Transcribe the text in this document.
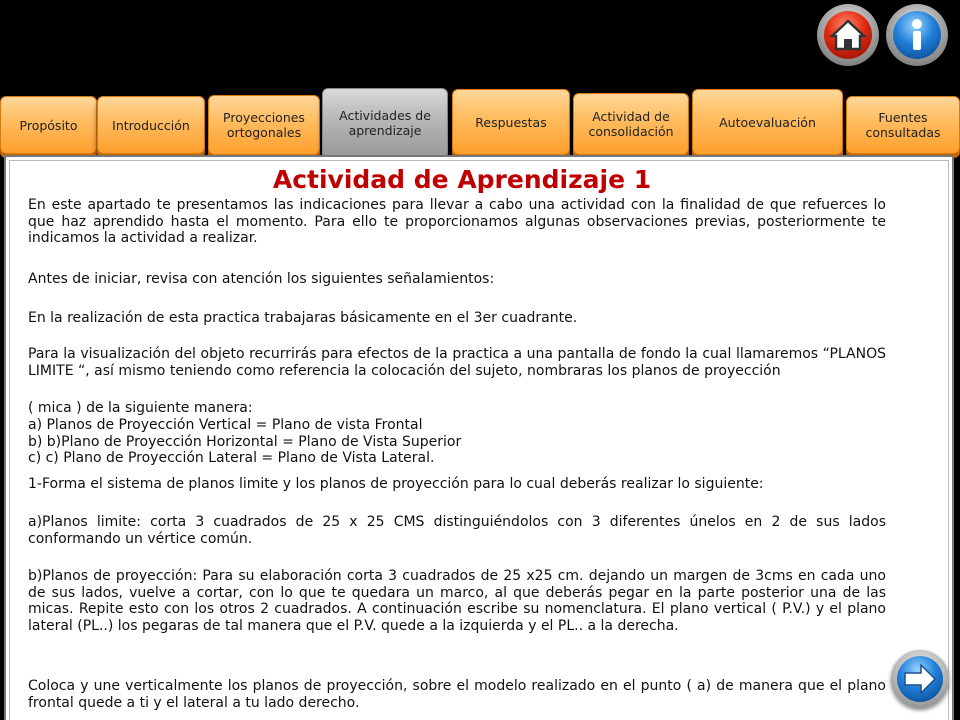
Propósito	Introducción	Proyecciones ortogonales
Actividades de aprendizaje
Respuestas	Actividad de consolidación
Autoevaluación	Fuentes consultadas
Actividad de Aprendizaje 1

En este apartado te presentamos las indicaciones para llevar a cabo una actividad con la finalidad de que refuerces lo que haz aprendido hasta el momento. Para ello te proporcionamos algunas observaciones previas, posteriormente te indicamos la actividad a realizar.

Antes de iniciar, revisa con atención los siguientes señalamientos:

En la realización de esta practica trabajaras básicamente en el 3er cuadrante.

Para la visualización del objeto recurrirás para efectos de la practica a una pantalla de fondo la cual llamaremos “PLANOS LIMITE “, así mismo teniendo como referencia la colocación del sujeto, nombraras los planos de proyección

( mica ) de la siguiente manera:

a) Planos de Proyección Vertical = Plano de vista Frontal
b) b)Plano de Proyección Horizontal = Plano de Vista Superior
c) c) Plano de Proyección Lateral = Plano de Vista Lateral.

1-Forma el sistema de planos limite y los planos de proyección para lo cual deberás realizar lo siguiente:

a)Planos limite: corta 3 cuadrados de 25 x 25 CMS distinguiéndolos con 3 diferentes únelos en 2 de sus lados conformando un vértice común.

b)Planos de proyección: Para su elaboración corta 3 cuadrados de 25 x25 cm. dejando un margen de 3cms en cada uno de sus lados, vuelve a cortar, con lo que te quedara un marco, al que deberás pegar en la parte posterior una de las micas. Repite esto con los otros 2 cuadrados. A continuación escribe su nomenclatura. El plano vertical ( P.V.) y el plano lateral (PL..) los pegaras de tal manera que el P.V. quede a la izquierda y el PL.. a la derecha.

Coloca y une verticalmente los planos de proyección, sobre el modelo realizado en el punto ( a) de manera que el plano frontal quede a ti y el lateral a tu lado derecho.
